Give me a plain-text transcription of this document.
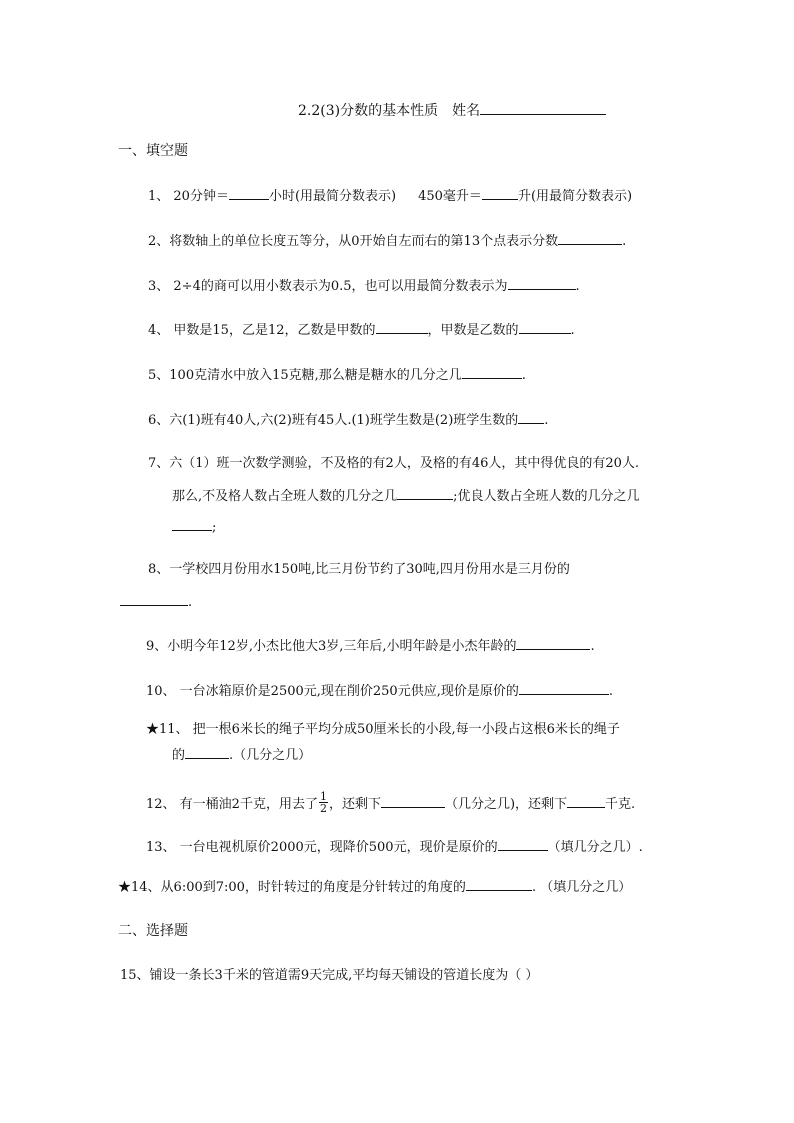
2.2(3)分数的基本性质 姓名
一、填空题
1、 20分钟＝	小时(用最简分数表示) 450毫升＝	升(用最简分数表示)
2、将数轴上的单位长度五等分，从0开始自左而右的第13个点表示分数	.
3、 2÷4的商可以用小数表示为0.5，也可以用最简分数表示为	.
4、 甲数是15，乙是12，乙数是甲数的	，甲数是乙数的	.
5、100克清水中放入15克糖,那么糖是糖水的几分之几	.
6、六(1)班有40人,六(2)班有45人.(1)班学生数是(2)班学生数的 .
7、六（1）班一次数学测验，不及格的有2人，及格的有46人，其中得优良的有20人.
那么,不及格人数占全班人数的几分之几	;优良人数占全班人数的几分之几
;
8、一学校四月份用水150吨,比三月份节约了30吨,四月份用水是三月份的
.
9、小明今年12岁,小杰比他大3岁,三年后,小明年龄是小杰年龄的	.
10、 一台冰箱原价是2500元,现在削价250元供应,现价是原价的	.
★11、 把一根6米长的绳子平均分成50厘米长的小段,每一小段占这根6米长的绳子
的	.（几分之几）
12、 有一桶油2千克，用去了 $\frac{1}{2}$ ，还剩下	（几分之几)，还剩下	千克.
13、 一台电视机原价2000元，现降价500元，现价是原价的	（填几分之几）.
★14、从6:00到7:00，时针转过的角度是分针转过的角度的	. （填几分之几）
二、选择题
15、铺设一条长3千米的管道需9天完成,平均每天铺设的管道长度为（ ）
